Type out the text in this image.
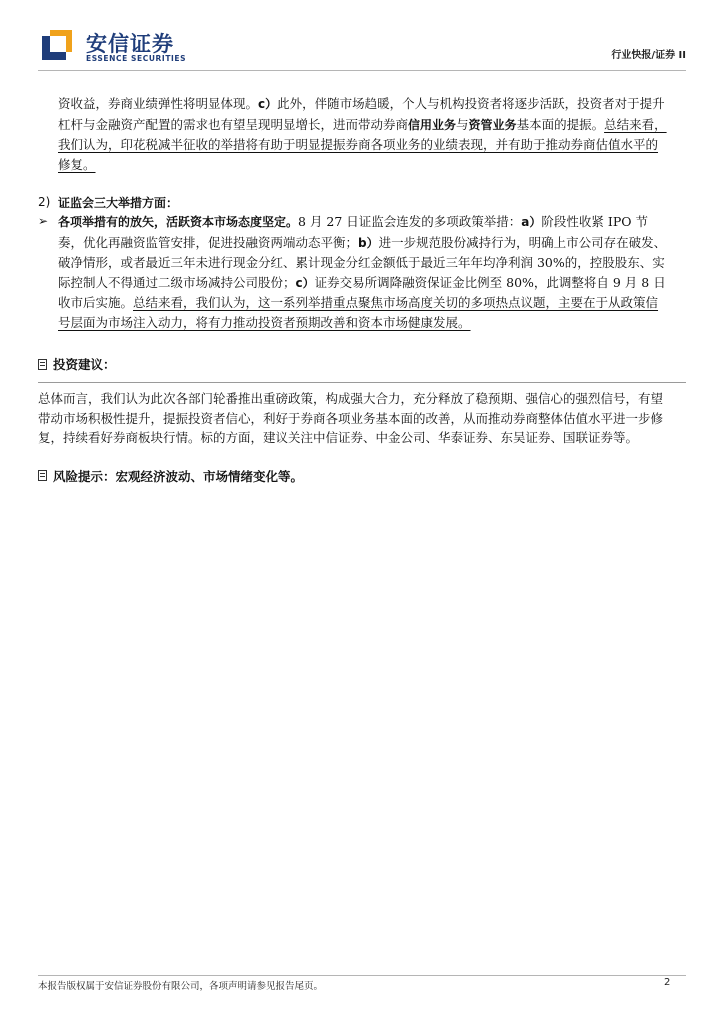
安信证券
ESSENCE SECURITIES	行业快报/证券 II
资收益，券商业绩弹性将明显体现。c）此外，伴随市场趋暖，个人与机构投资者将逐步活跃，投资者对于提升杠杆与金融资产配置的需求也有望呈现明显增长，进而带动券商信用业务与资管业务基本面的提振。总结来看，我们认为，印花税减半征收的举措将有助于明显提振券商各项业务的业绩表现，并有助于推动券商估值水平的修复。
2) 证监会三大举措方面：
➢ 各项举措有的放矢，活跃资本市场态度坚定。8 月 27 日证监会连发的多项政策举措：a）阶段性收紧 IPO 节奏，优化再融资监管安排，促进投融资两端动态平衡；b）进一步规范股份减持行为，明确上市公司存在破发、破净情形，或者最近三年未进行现金分红、累计现金分红金额低于最近三年年均净利润 30%的，控股股东、实际控制人不得通过二级市场减持公司股份；c）证券交易所调降融资保证金比例至 80%，此调整将自 9 月 8 日收市后实施。总结来看，我们认为，这一系列举措重点聚焦市场高度关切的多项热点议题，主要在于从政策信号层面为市场注入动力，将有力推动投资者预期改善和资本市场健康发展。
投资建议：
总体而言，我们认为此次各部门轮番推出重磅政策，构成强大合力，充分释放了稳预期、强信心的强烈信号，有望带动市场积极性提升，提振投资者信心，利好于券商各项业务基本面的改善，从而推动券商整体估值水平进一步修复，持续看好券商板块行情。标的方面，建议关注中信证券、中金公司、华泰证券、东吴证券、国联证券等。
风险提示：宏观经济波动、市场情绪变化等。
本报告版权属于安信证券股份有限公司，各项声明请参见报告尾页。	2
